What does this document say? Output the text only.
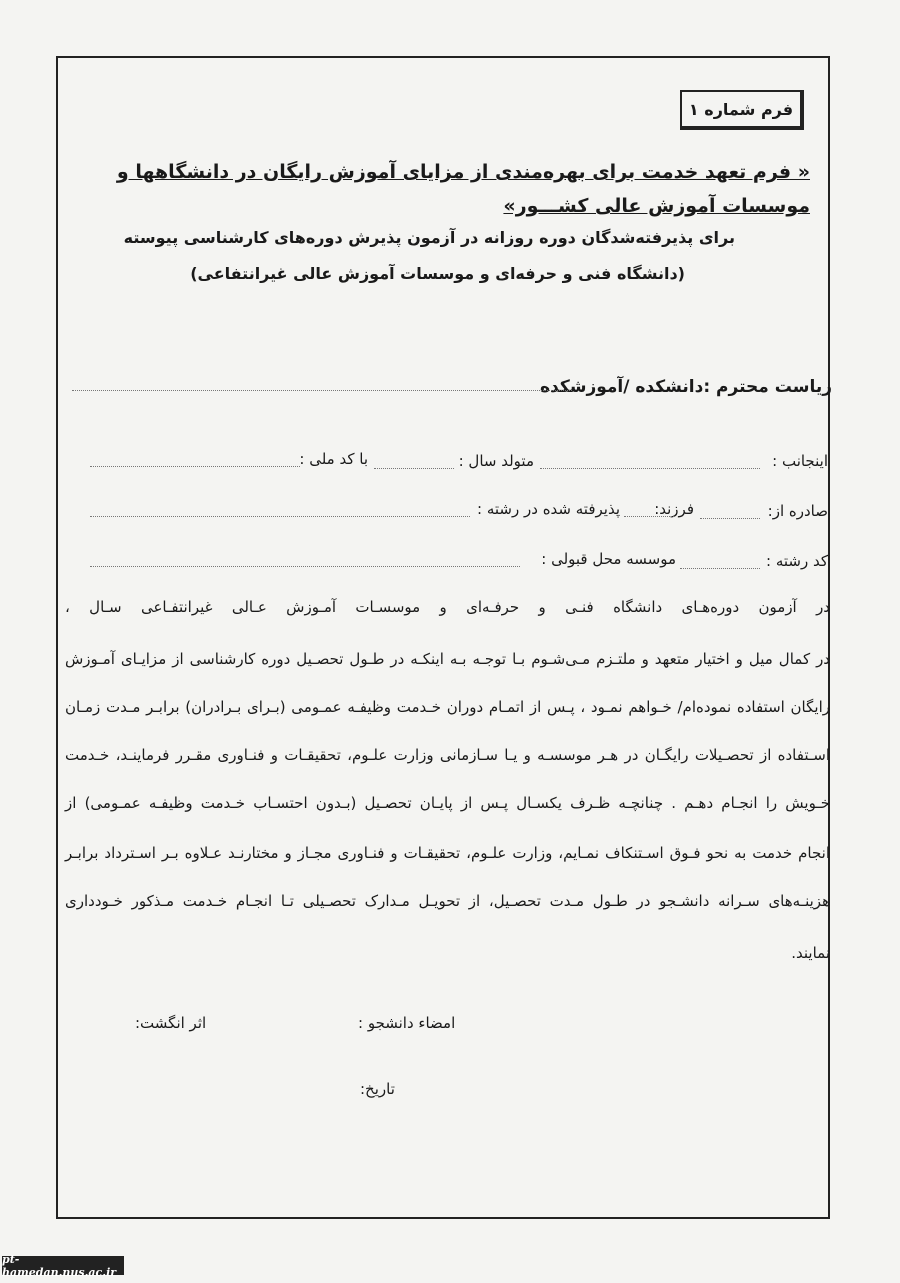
فرم شماره ۱
« فرم تعهد خدمت برای بهره‌مندی از مزایای آموزش رایگان در دانشگاهها و موسسات آموزش عالی کشـــور»
برای پذیرفته‌شدگان دوره روزانه در آزمون پذیرش دوره‌های کارشناسی پیوسته
(دانشگاه فنی و حرفه‌ای و موسسات آموزش عالی غیرانتفاعی)
ریاست محترم :دانشکده /آموزشکده
اینجانب :
متولد سال :
با کد ملی :
صادره از:
فرزند:
پذیرفته شده در رشته :
کد رشته :
موسسه محل قبولی :
در آزمون دوره‌هـای دانشگاه فنـی و حرفـه‌ای و موسسـات آمـوزش عـالی غیرانتفـاعی سـال ،
در کمال میل و اختیار متعهد و ملتـزم مـی‌شـوم بـا توجـه بـه اینکـه در طـول تحصـیل دوره کارشناسی از مزایـای آمـوزش
رایگان استفاده نموده‌ام/ خـواهم نمـود ، پـس از اتمـام دوران خـدمت وظیفـه عمـومی (بـرای بـرادران) برابـر مـدت زمـان
اسـتفاده از تحصـیلات رایگـان در هـر موسسـه و یـا سـازمانی وزارت علـوم، تحقیقـات و فنـاوری مقـرر فرماینـد، خـدمت
خـویش را انجـام دهـم . چنانچـه ظـرف یکسـال پـس از پایـان تحصـیل (بـدون احتسـاب خـدمت وظیفـه عمـومی) از
انجام خدمت به نحو فـوق اسـتنکاف نمـایم، وزارت علـوم، تحقیقـات و فنـاوری مجـاز و مختارنـد عـلاوه بـر اسـترداد برابـر
هزینـه‌های سـرانه دانشـجو در طـول مـدت تحصـیل، از تحویـل مـدارک تحصـیلی تـا انجـام خـدمت مـذکور خـودداری
نمایند.
امضاء دانشجو :
اثر انگشت:
تاریخ:
pt-hamedan.nus.ac.ir
